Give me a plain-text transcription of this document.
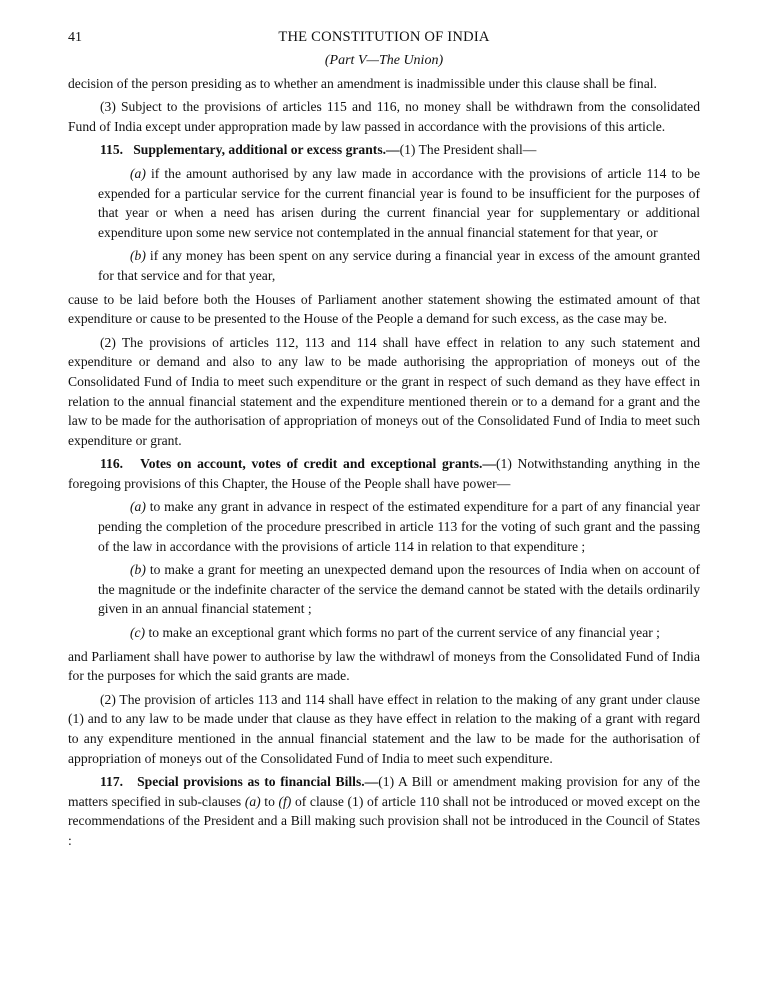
41	THE CONSTITUTION OF INDIA
(Part V—The Union)

decision of the person presiding as to whether an amendment is inadmissible under this clause shall be final.

(3) Subject to the provisions of articles 115 and 116, no money shall be withdrawn from the consolidated Fund of India except under appropration made by law passed in accordance with the provisions of this article.

115. Supplementary, additional or excess grants.—(1) The President shall—

(a) if the amount authorised by any law made in accordance with the provisions of article 114 to be expended for a particular service for the current financial year is found to be insufficient for the purposes of that year or when a need has arisen during the current financial year for supplementary or additional expenditure upon some new service not contemplated in the annual financial statement for that year, or

(b) if any money has been spent on any service during a financial year in excess of the amount granted for that service and for that year,

cause to be laid before both the Houses of Parliament another statement showing the estimated amount of that expenditure or cause to be presented to the House of the People a demand for such excess, as the case may be.

(2) The provisions of articles 112, 113 and 114 shall have effect in relation to any such statement and expenditure or demand and also to any law to be made authorising the appropriation of moneys out of the Consolidated Fund of India to meet such expenditure or the grant in respect of such demand as they have effect in relation to the annual financial statement and the expenditure mentioned therein or to a demand for a grant and the law to be made for the authorisation of appropriation of moneys out of the Consolidated Fund of India to meet such expenditure or grant.

116. Votes on account, votes of credit and exceptional grants.—(1) Notwithstanding anything in the foregoing provisions of this Chapter, the House of the People shall have power—

(a) to make any grant in advance in respect of the estimated expenditure for a part of any financial year pending the completion of the procedure prescribed in article 113 for the voting of such grant and the passing of the law in accordance with the provisions of article 114 in relation to that expenditure ;

(b) to make a grant for meeting an unexpected demand upon the resources of India when on account of the magnitude or the indefinite character of the service the demand cannot be stated with the details ordinarily given in an annual financial statement ;

(c) to make an exceptional grant which forms no part of the current service of any financial year ;

and Parliament shall have power to authorise by law the withdrawl of moneys from the Consolidated Fund of India for the purposes for which the said grants are made.

(2) The provision of articles 113 and 114 shall have effect in relation to the making of any grant under clause (1) and to any law to be made under that clause as they have effect in relation to the making of a grant with regard to any expenditure mentioned in the annual financial statement and the law to be made for the authorisation of appropriation of moneys out of the Consolidated Fund of India to meet such expenditure.

117. Special provisions as to financial Bills.—(1) A Bill or amendment making provision for any of the matters specified in sub-clauses (a) to (f) of clause (1) of article 110 shall not be introduced or moved except on the recommendations of the President and a Bill making such provision shall not be introduced in the Council of States :
